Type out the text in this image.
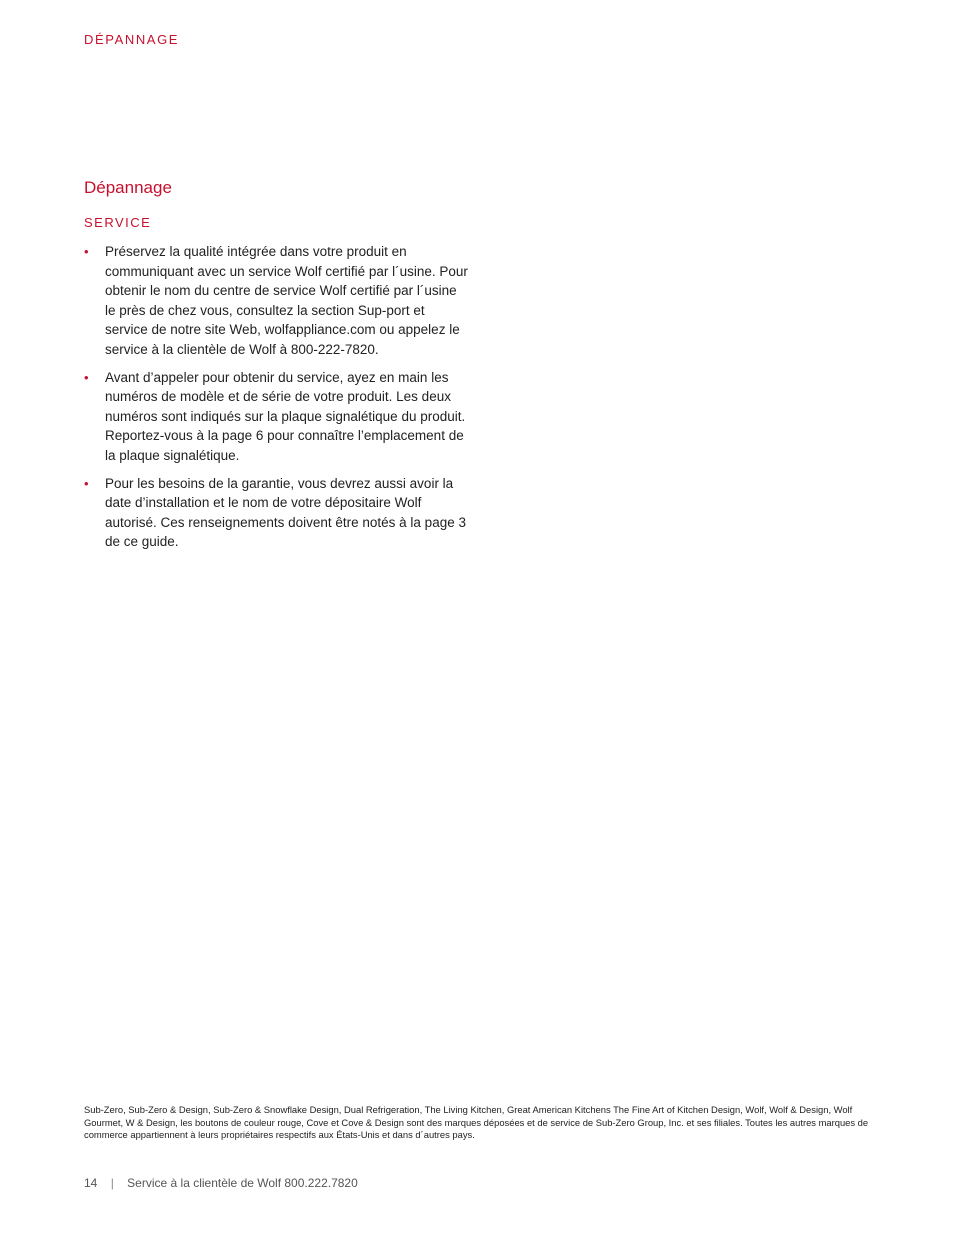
DÉPANNAGE
Dépannage
SERVICE
• Préservez la qualité intégrée dans votre produit en communiquant avec un service Wolf certifié par l´usine. Pour obtenir le nom du centre de service Wolf certifié par l´usine le près de chez vous, consultez la section Sup-port et service de notre site Web, wolfappliance.com ou appelez le service à la clientèle de Wolf à 800-222-7820.
• Avant d’appeler pour obtenir du service, ayez en main les numéros de modèle et de série de votre produit. Les deux numéros sont indiqués sur la plaque signalétique du produit. Reportez-vous à la page 6 pour connaître l’emplacement de la plaque signalétique.
• Pour les besoins de la garantie, vous devrez aussi avoir la date d’installation et le nom de votre dépositaire Wolf autorisé. Ces renseignements doivent être notés à la page 3 de ce guide.
Sub-Zero, Sub-Zero & Design, Sub-Zero & Snowflake Design, Dual Refrigeration, The Living Kitchen, Great American Kitchens The Fine Art of Kitchen Design, Wolf, Wolf & Design, Wolf Gourmet, W & Design, les boutons de couleur rouge, Cove et Cove & Design sont des marques déposées et de service de Sub-Zero Group, Inc. et ses filiales. Toutes les autres marques de commerce appartiennent à leurs propriétaires respectifs aux États-Unis et dans d´autres pays.
14 | Service à la clientèle de Wolf 800.222.7820
